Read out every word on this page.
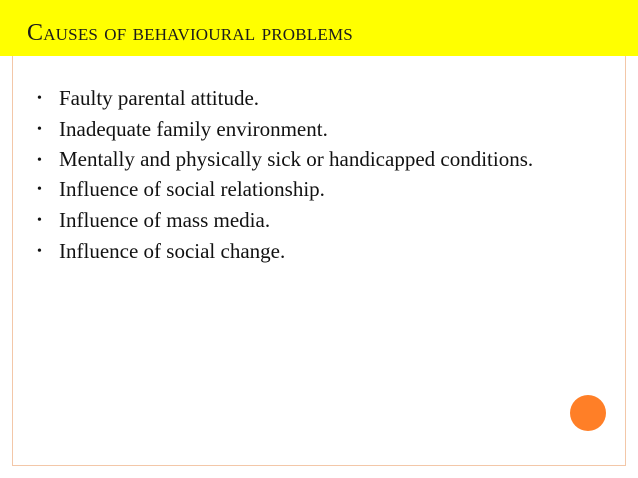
Causes of behavioural problems
• Faulty parental attitude.
• Inadequate family environment.
• Mentally and physically sick or handicapped conditions.
• Influence of social relationship.
• Influence of mass media.
• Influence of social change.
